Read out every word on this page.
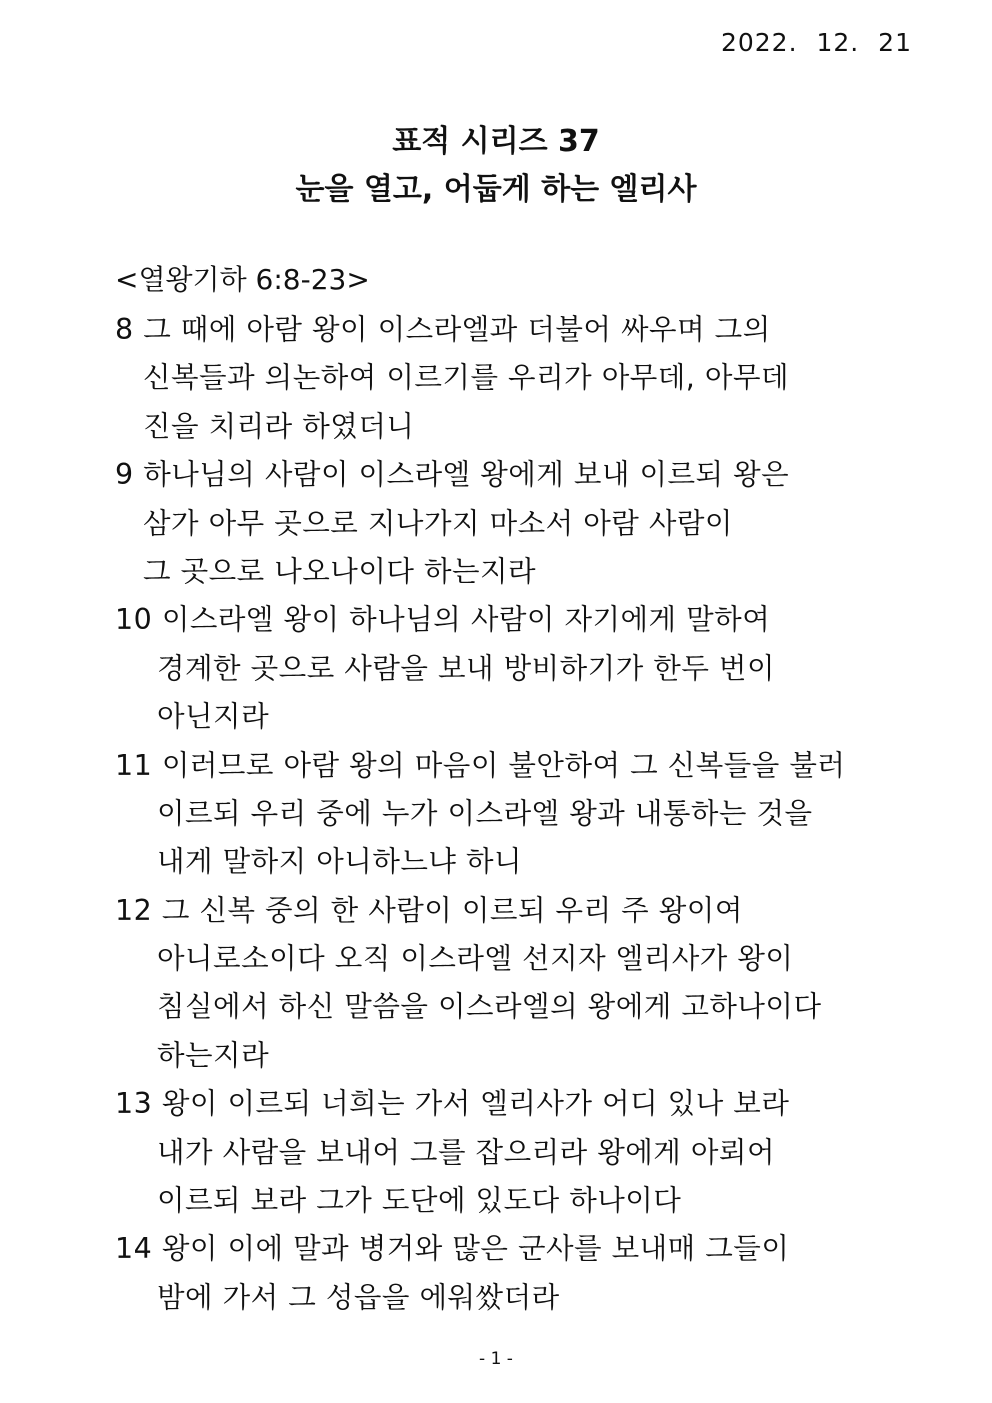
2022. 12. 21
표적 시리즈 37
눈을 열고, 어둡게 하는 엘리사
<열왕기하 6:8-23>
8 그 때에 아람 왕이 이스라엘과 더불어 싸우며 그의
신복들과 의논하여 이르기를 우리가 아무데, 아무데
진을 치리라 하였더니
9 하나님의 사람이 이스라엘 왕에게 보내 이르되 왕은
삼가 아무 곳으로 지나가지 마소서 아람 사람이
그 곳으로 나오나이다 하는지라
10 이스라엘 왕이 하나님의 사람이 자기에게 말하여
경계한 곳으로 사람을 보내 방비하기가 한두 번이
아닌지라
11 이러므로 아람 왕의 마음이 불안하여 그 신복들을 불러
이르되 우리 중에 누가 이스라엘 왕과 내통하는 것을
내게 말하지 아니하느냐 하니
12 그 신복 중의 한 사람이 이르되 우리 주 왕이여
아니로소이다 오직 이스라엘 선지자 엘리사가 왕이
침실에서 하신 말씀을 이스라엘의 왕에게 고하나이다
하는지라
13 왕이 이르되 너희는 가서 엘리사가 어디 있나 보라
내가 사람을 보내어 그를 잡으리라 왕에게 아뢰어
이르되 보라 그가 도단에 있도다 하나이다
14 왕이 이에 말과 병거와 많은 군사를 보내매 그들이
밤에 가서 그 성읍을 에워쌌더라
- 1 -
